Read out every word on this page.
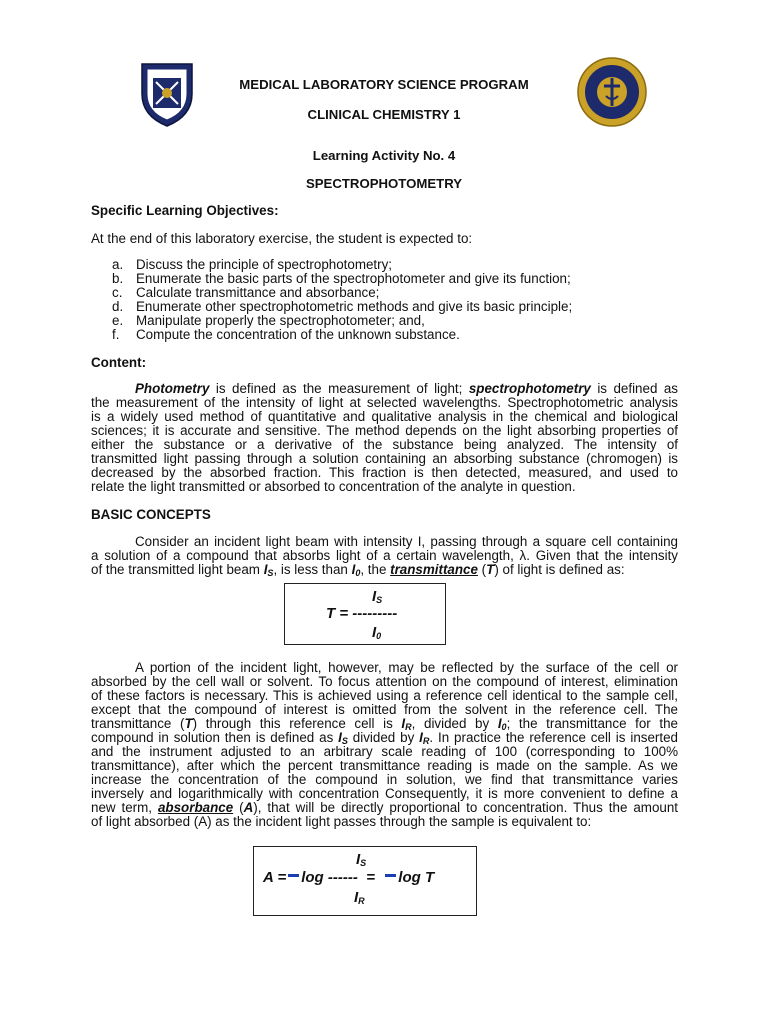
MEDICAL LABORATORY SCIENCE PROGRAM
CLINICAL CHEMISTRY 1
Learning Activity No. 4
SPECTROPHOTOMETRY
Specific Learning Objectives:
At the end of this laboratory exercise, the student is expected to:
a. Discuss the principle of spectrophotometry;
b. Enumerate the basic parts of the spectrophotometer and give its function;
c. Calculate transmittance and absorbance;
d. Enumerate other spectrophotometric methods and give its basic principle;
e. Manipulate properly the spectrophotometer; and,
f. Compute the concentration of the unknown substance.
Content:
Photometry is defined as the measurement of light; spectrophotometry is defined as
the measurement of the intensity of light at selected wavelengths. Spectrophotometric analysis
is a widely used method of quantitative and qualitative analysis in the chemical and biological
sciences; it is accurate and sensitive. The method depends on the light absorbing properties of
either the substance or a derivative of the substance being analyzed. The intensity of
transmitted light passing through a solution containing an absorbing substance (chromogen) is
decreased by the absorbed fraction. This fraction is then detected, measured, and used to
relate the light transmitted or absorbed to concentration of the analyte in question.
BASIC CONCEPTS
Consider an incident light beam with intensity I, passing through a square cell containing
a solution of a compound that absorbs light of a certain wavelength, λ. Given that the intensity
of the transmitted light beam $I_S$, is less than $I_0$, the transmittance (T) of light is defined as:
$I_S$
T = ---------
$I_0$
A portion of the incident light, however, may be reflected by the surface of the cell or
absorbed by the cell wall or solvent. To focus attention on the compound of interest, elimination
of these factors is necessary. This is achieved using a reference cell identical to the sample cell,
except that the compound of interest is omitted from the solvent in the reference cell. The
transmittance (T) through this reference cell is $I_R$, divided by $I_0$; the transmittance for the
compound in solution then is defined as $I_S$ divided by $I_R$. In practice the reference cell is inserted
and the instrument adjusted to an arbitrary scale reading of 100 (corresponding to 100%
transmittance), after which the percent transmittance reading is made on the sample. As we
increase the concentration of the compound in solution, we find that transmittance varies
inversely and logarithmically with concentration Consequently, it is more convenient to define a
new term, absorbance (A), that will be directly proportional to concentration. Thus the amount
of light absorbed (A) as the incident light passes through the sample is equivalent to:
$I_S$
A = log ------ = log T
$I_R$
